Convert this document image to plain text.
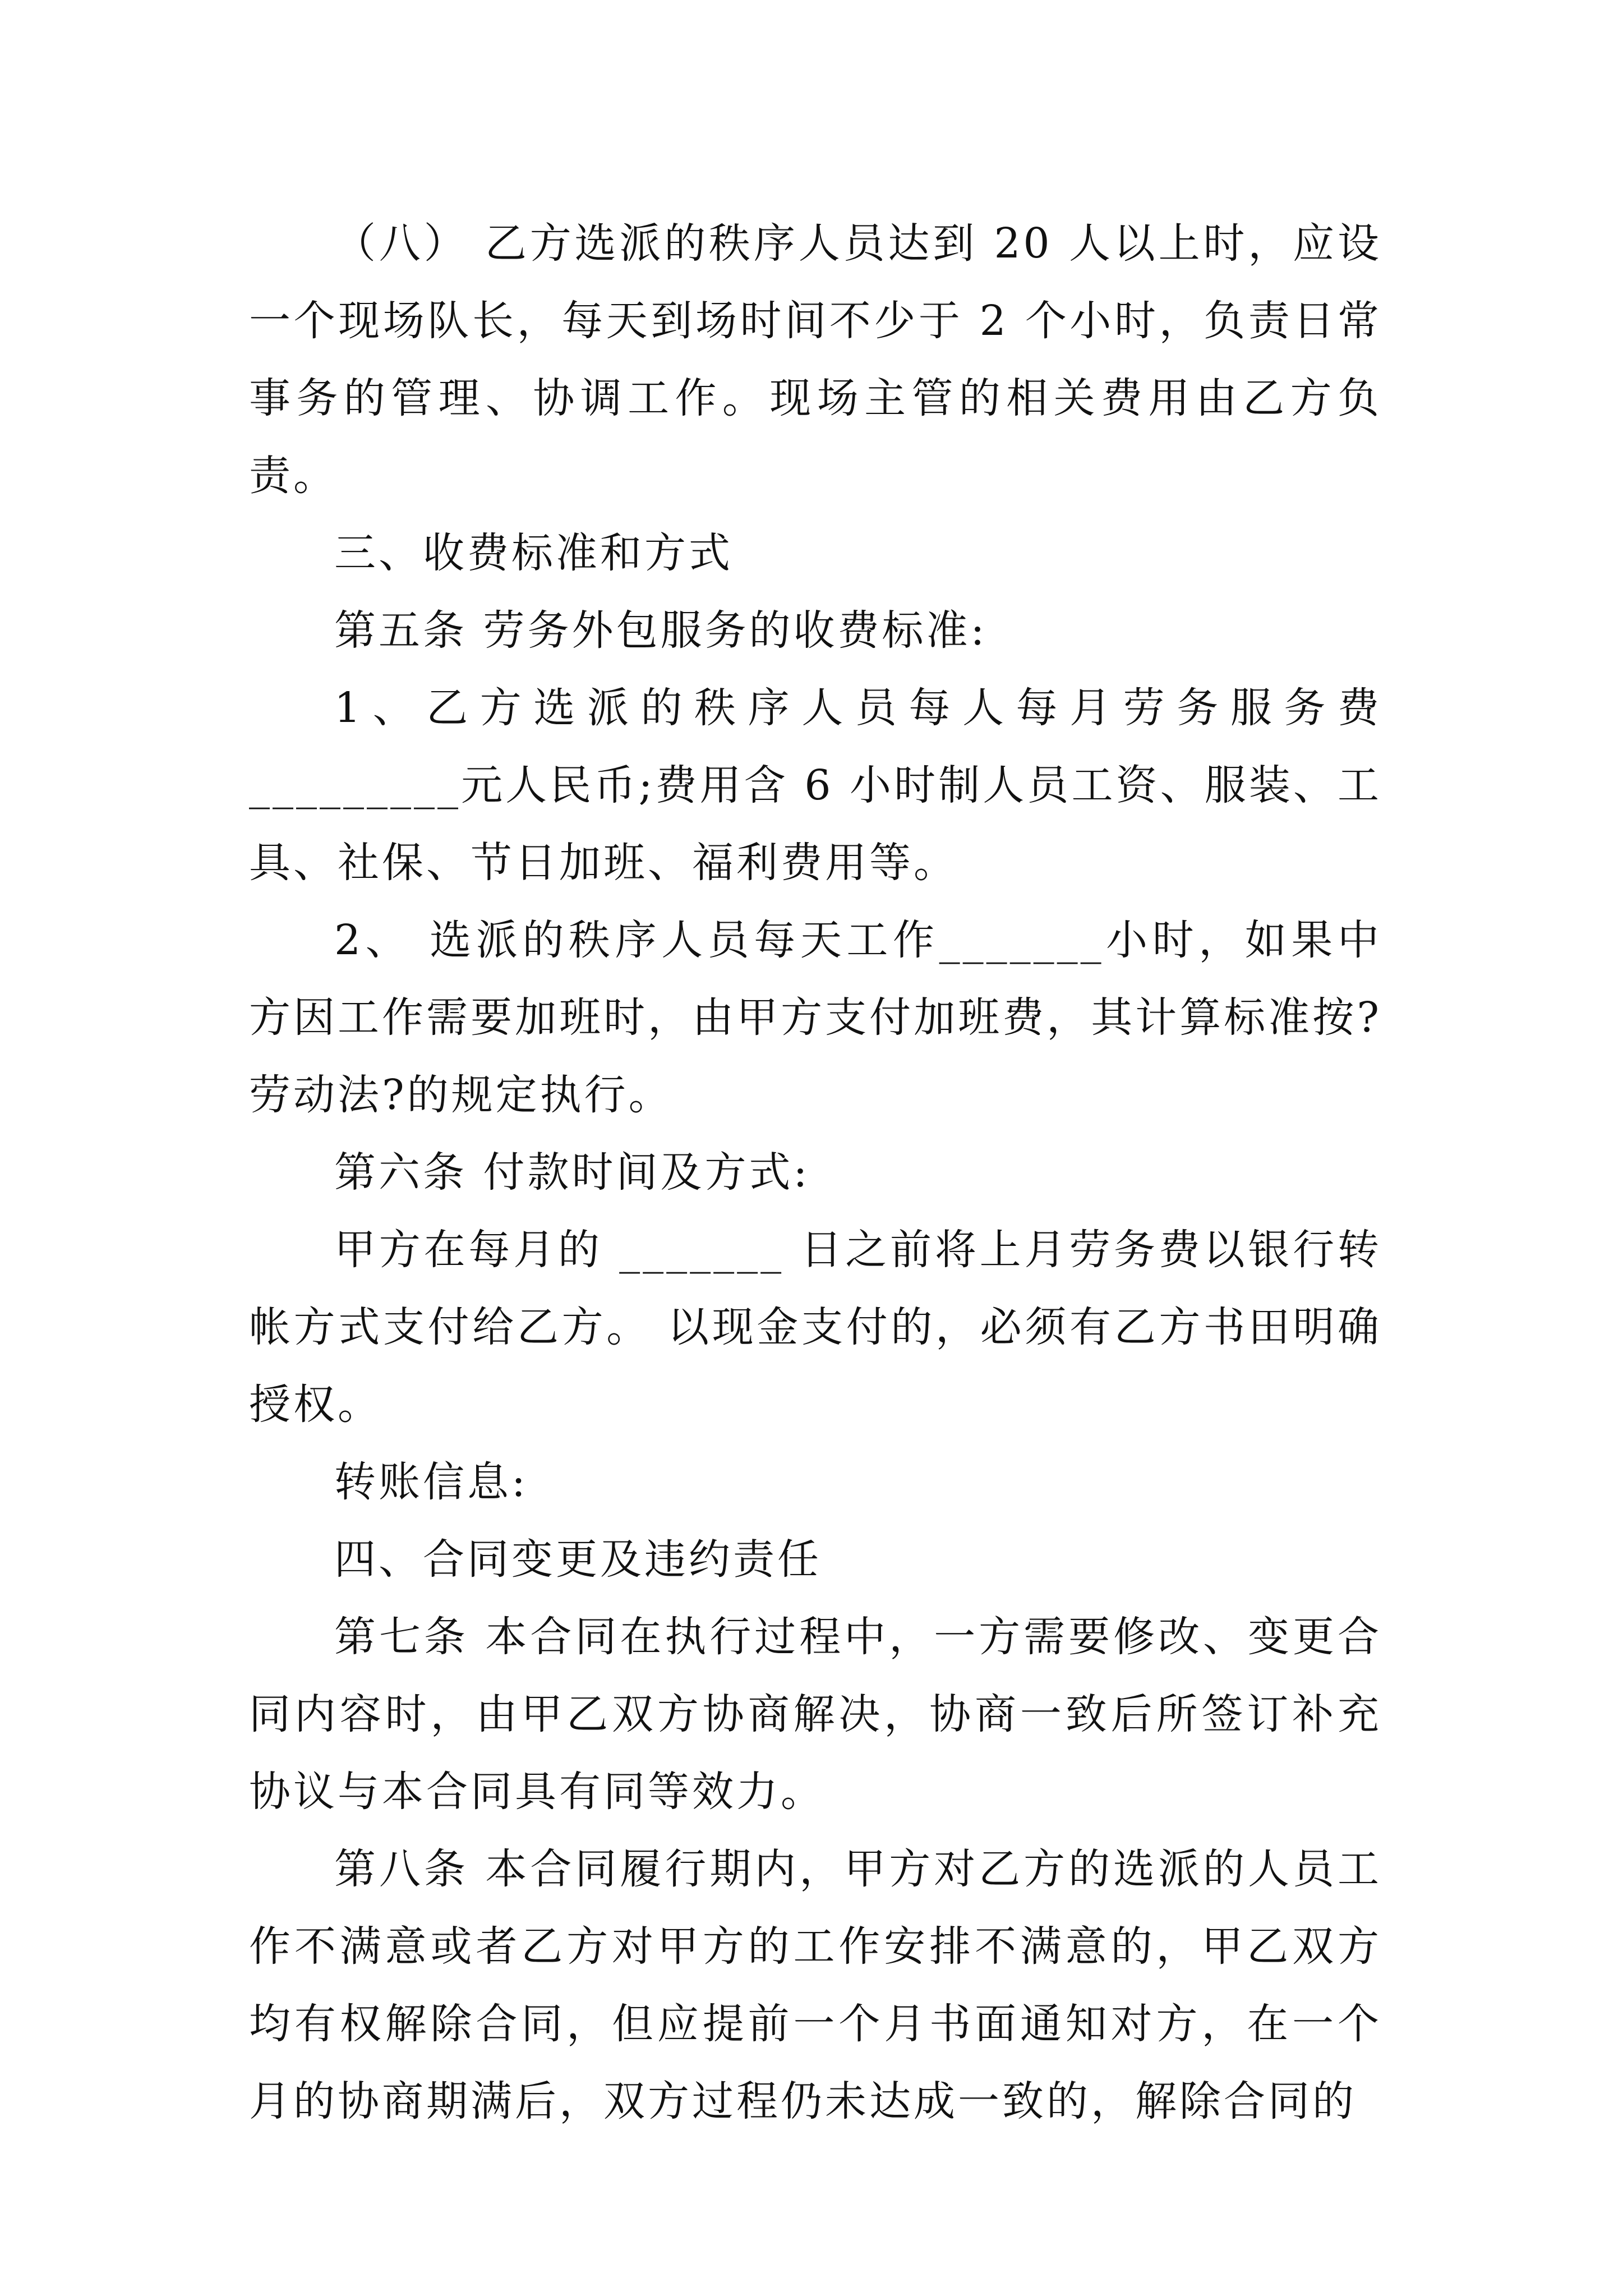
（八） 乙方选派的秩序人员达到 20 人以上时，应设一个现场队长，每天到场时间不少于 2 个小时，负责日常事务的管理、协调工作。现场主管的相关费用由乙方负责。

三、收费标准和方式

第五条 劳务外包服务的收费标准:

1、乙方选派的秩序人员每人每月劳务服务费_________元人民币;费用含 6 小时制人员工资、服装、工具、社保、节日加班、福利费用等。

2、 选派的秩序人员每天工作_______小时，如果中方因工作需要加班时，由甲方支付加班费，其计算标准按?劳动法?的规定执行。

第六条 付款时间及方式:

甲方在每月的 _______ 日之前将上月劳务费以银行转帐方式支付给乙方。 以现金支付的，必须有乙方书田明确授权。

转账信息:

四、合同变更及违约责任

第七条 本合同在执行过程中，一方需要修改、变更合同内容时，由甲乙双方协商解决，协商一致后所签订补充协议与本合同具有同等效力。

第八条 本合同履行期内，甲方对乙方的选派的人员工作不满意或者乙方对甲方的工作安排不满意的，甲乙双方均有权解除合同，但应提前一个月书面通知对方，在一个月的协商期满后，双方过程仍未达成一致的，解除合同的
